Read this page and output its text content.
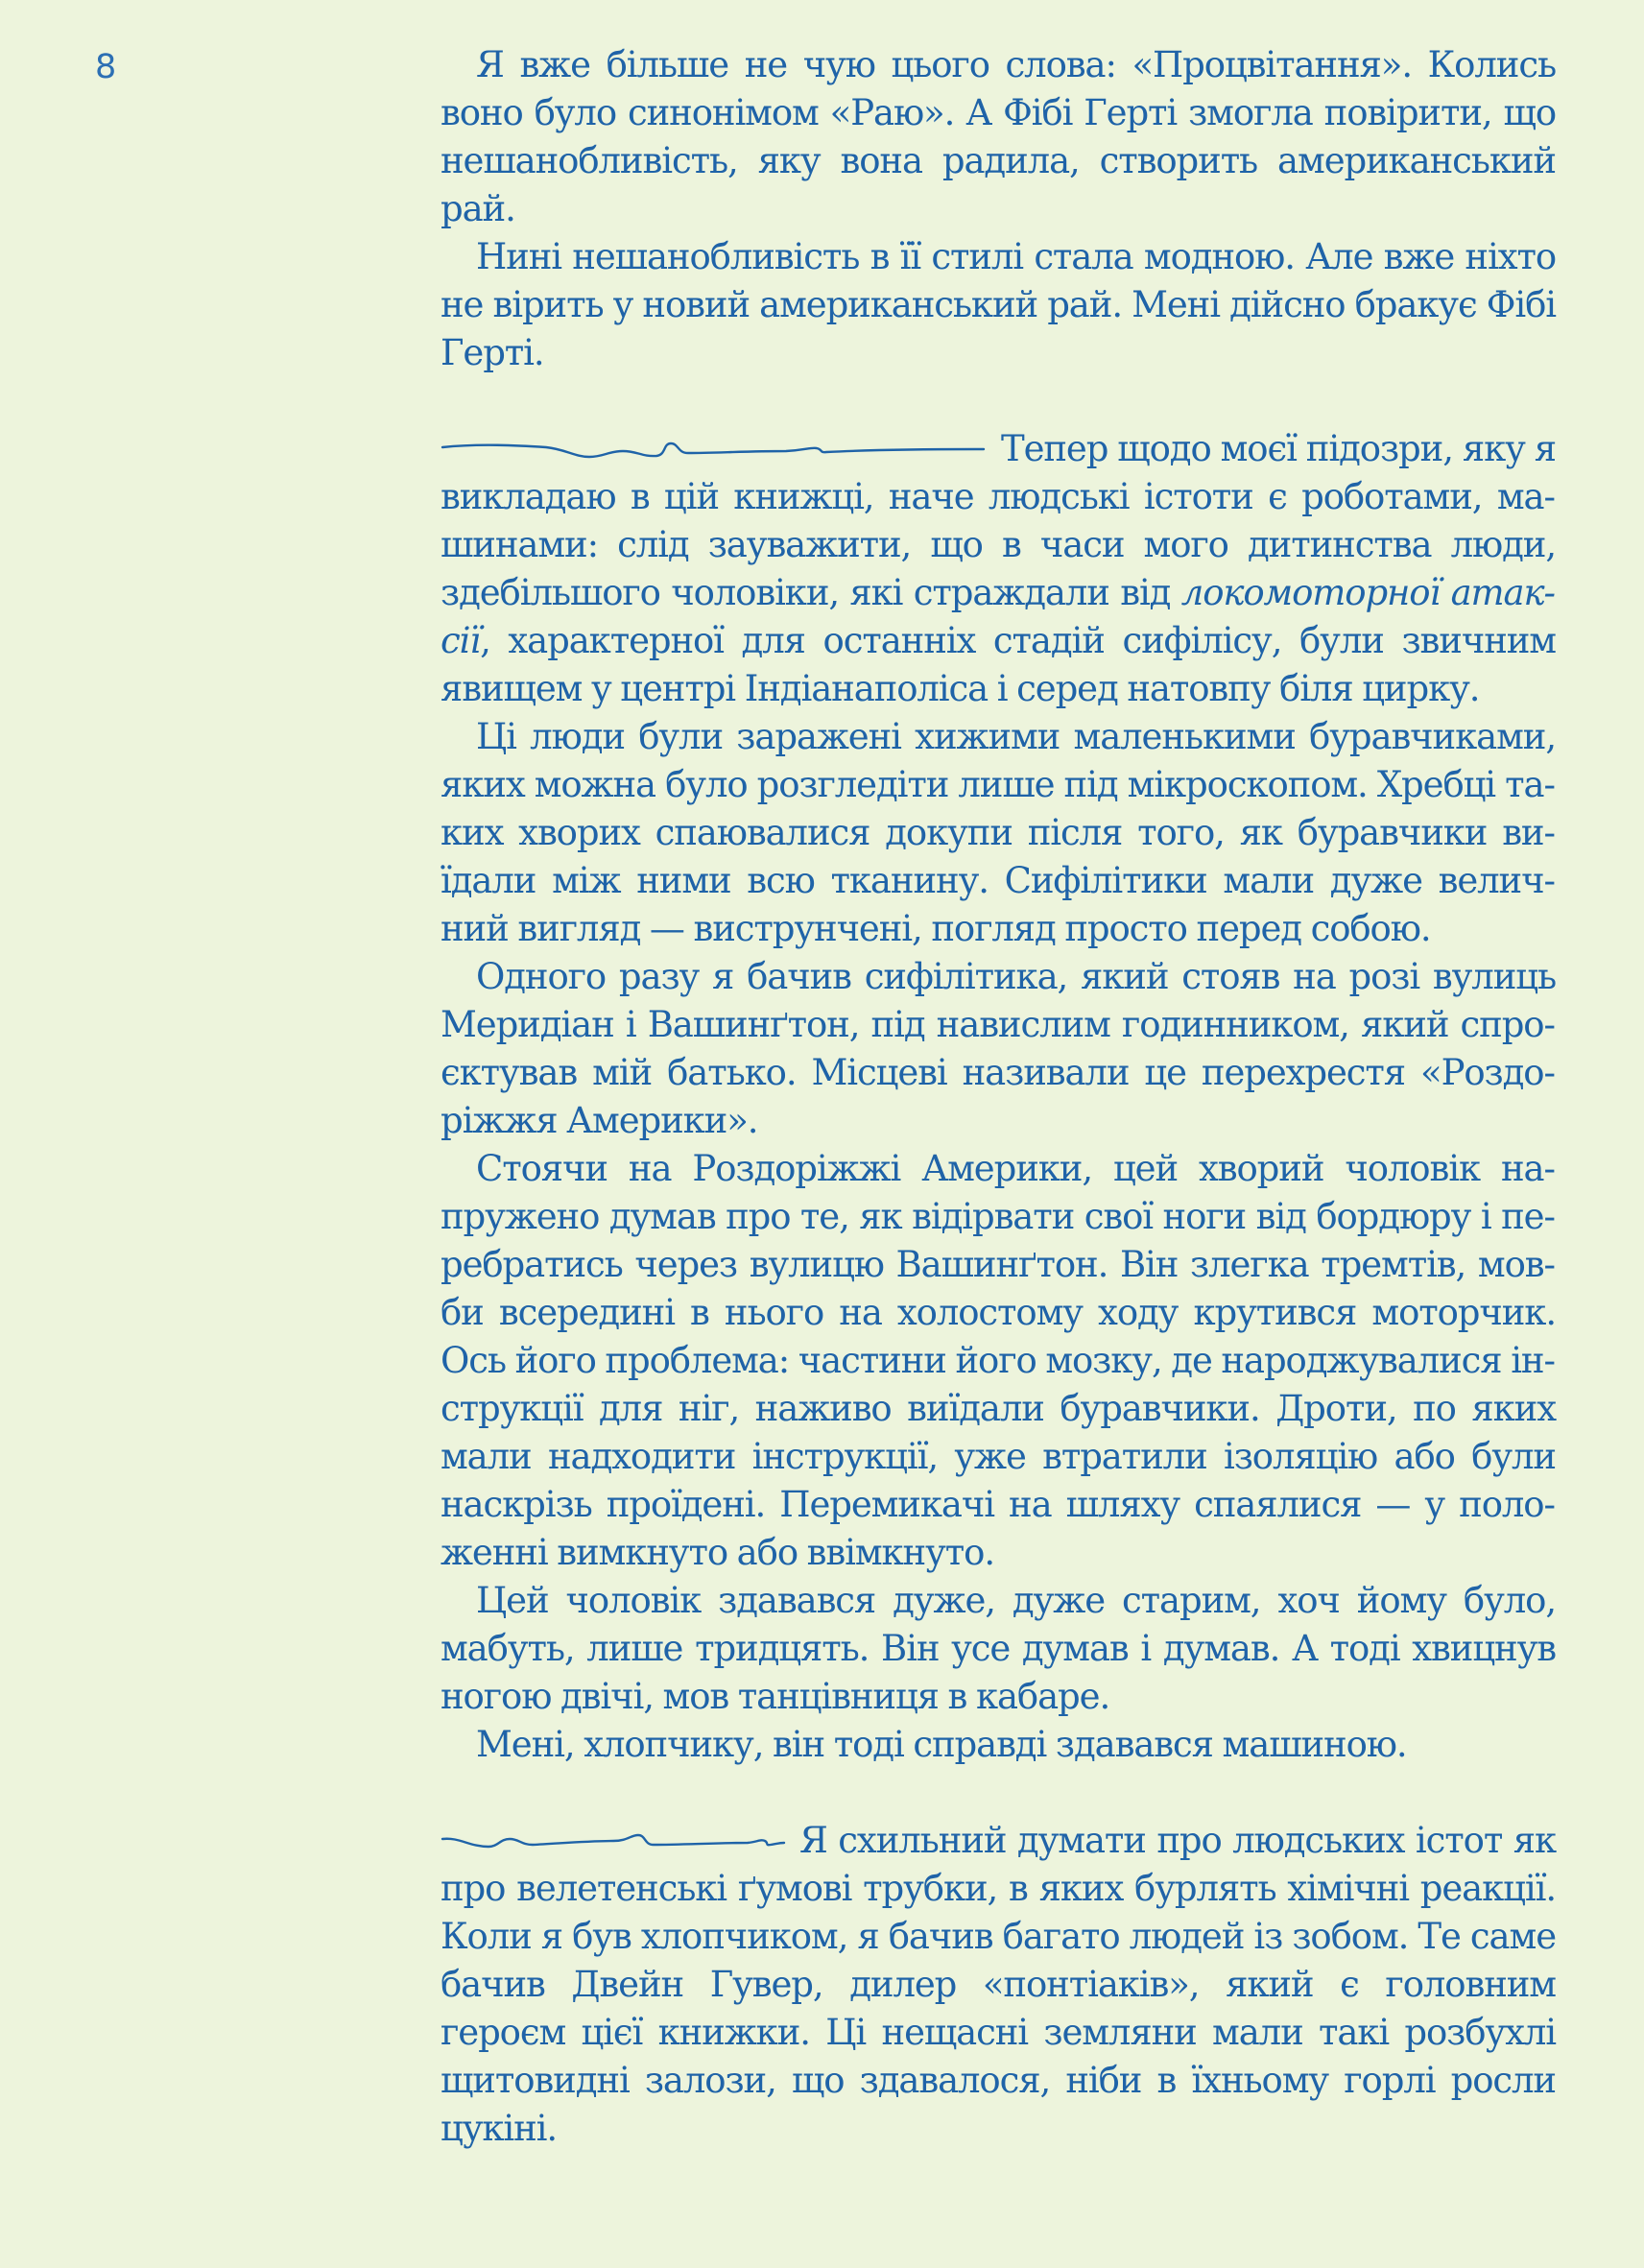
8	Я вже більше не чую цього слова: «Процвітання». Колись воно було синонімом «Раю». А Фібі Герті змогла повірити, що нешанобливість, яку вона радила, створить американський рай.

Нині нешанобливість в її стилі стала модною. Але вже ніхто не вірить у новий американський рай. Мені дійсно бракує Фібі Герті.

Тепер щодо моєї підозри, яку я викладаю в цій книжці, наче людські істоти є роботами, машинами: слід зауважити, що в часи мого дитинства люди, здебільшого чоловіки, які страждали від локомоторної атаксії, характерної для останніх стадій сифілісу, були звичним явищем у центрі Індіанаполіса і серед натовпу біля цирку.

Ці люди були заражені хижими маленькими буравчиками, яких можна було розгледіти лише під мікроскопом. Хребці таких хворих спаювалися докупи після того, як буравчики виїдали між ними всю тканину. Сифілітики мали дуже величний вигляд — виструнчені, погляд просто перед собою.

Одного разу я бачив сифілітика, який стояв на розі вулиць Меридіан і Вашинґтон, під навислим годинником, який спроєктував мій батько. Місцеві називали це перехрестя «Роздоріжжя Америки».

Стоячи на Роздоріжжі Америки, цей хворий чоловік напружено думав про те, як відірвати свої ноги від бордюру і перебратись через вулицю Вашинґтон. Він злегка тремтів, мовби всередині в нього на холостому ходу крутився моторчик. Ось його проблема: частини його мозку, де народжувалися інструкції для ніг, наживо виїдали буравчики. Дроти, по яких мали надходити інструкції, уже втратили ізоляцію або були наскрізь проїдені. Перемикачі на шляху спаялися — у положенні вимкнуто або ввімкнуто.

Цей чоловік здавався дуже, дуже старим, хоч йому було, мабуть, лише тридцять. Він усе думав і думав. А тоді хвицнув ногою двічі, мов танцівниця в кабаре.

Мені, хлопчику, він тоді справді здавався машиною.

Я схильний думати про людських істот як про велетенські ґумові трубки, в яких бурлять хімічні реакції. Коли я був хлопчиком, я бачив багато людей із зобом. Те саме бачив Двейн Гувер, дилер «понтіаків», який є головним героєм цієї книжки. Ці нещасні земляни мали такі розбухлі щитовидні залози, що здавалося, ніби в їхньому горлі росли цукіні.
